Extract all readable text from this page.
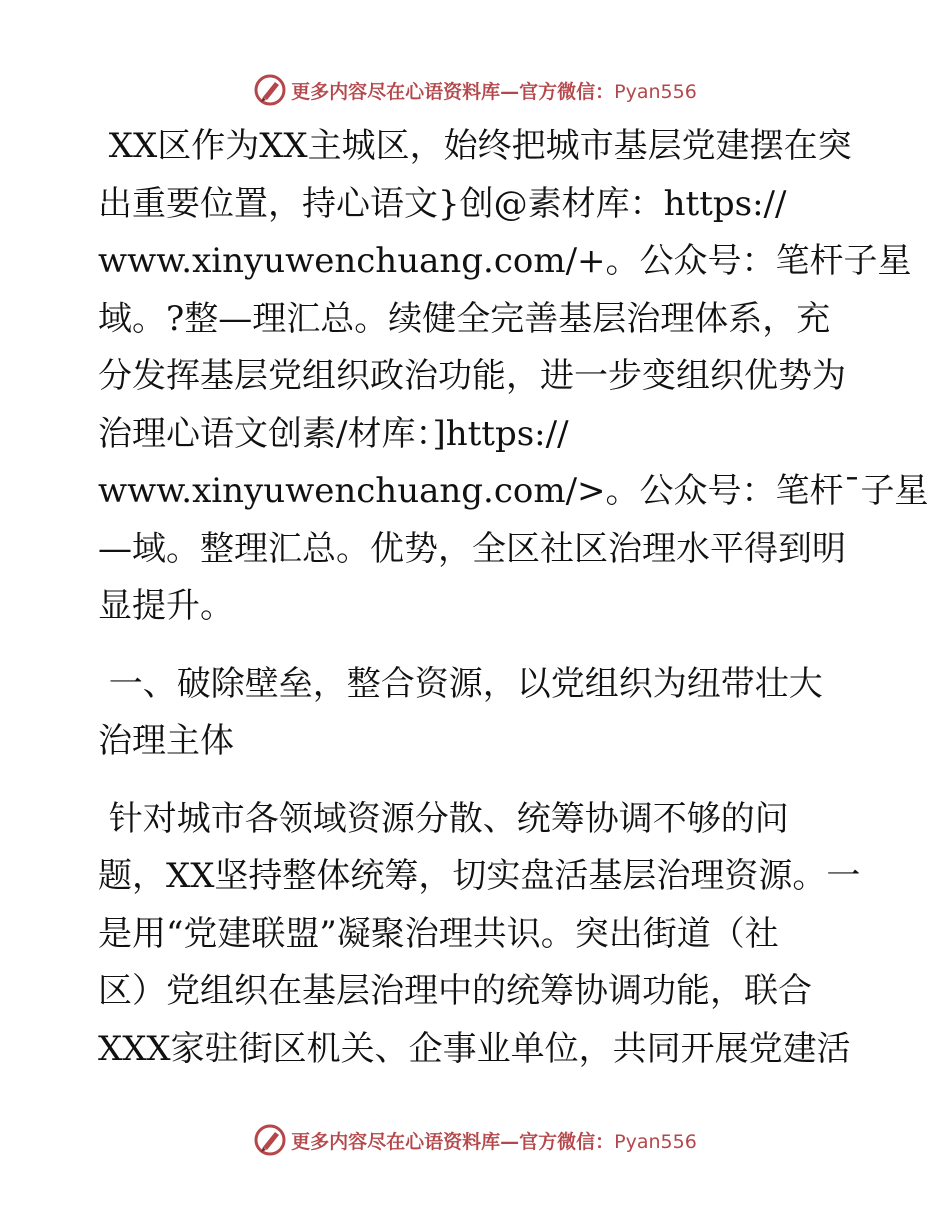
更多内容尽在心语资料库—官方微信：Pyan556
XX区作为XX主城区，始终把城市基层党建摆在突
出重要位置，持心语文}创@素材库：https://
www.xinyuwenchuang.com/+。公众号：笔杆子星
域。?整—理汇总。续健全完善基层治理体系，充
分发挥基层党组织政治功能，进一步变组织优势为
治理心语文创素/材库：]https://
www.xinyuwenchuang.com/>。公众号：笔杆¯子星
—域。整理汇总。优势，全区社区治理水平得到明
显提升。
一、破除壁垒，整合资源，以党组织为纽带壮大
治理主体
针对城市各领域资源分散、统筹协调不够的问
题，XX坚持整体统筹，切实盘活基层治理资源。一
是用“党建联盟”凝聚治理共识。突出街道（社
区）党组织在基层治理中的统筹协调功能，联合
XXX家驻街区机关、企事业单位，共同开展党建活
更多内容尽在心语资料库—官方微信：Pyan556
